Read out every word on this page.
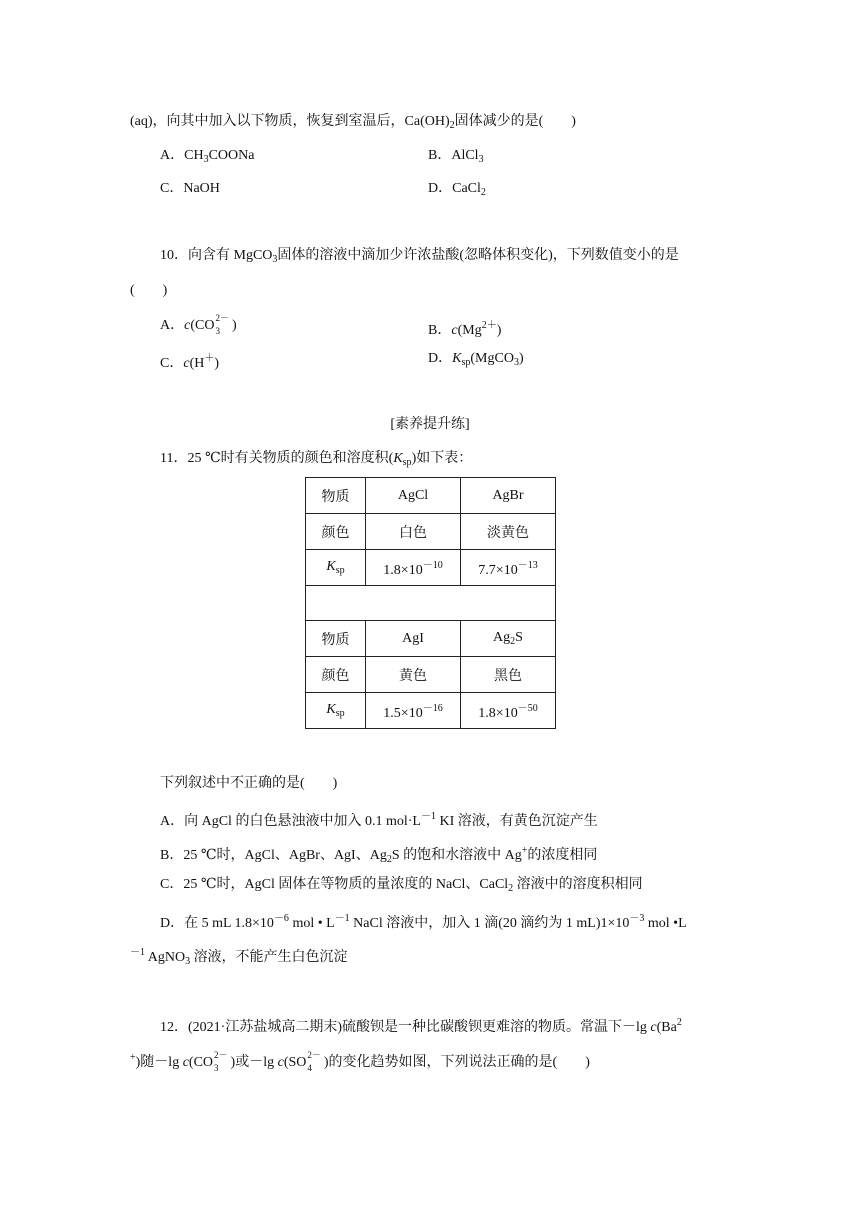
(aq)，向其中加入以下物质，恢复到室温后，$Ca(OH)_2$固体减少的是(　　)
A．$CH_3COONa$	B．AlCl$_3$
C．NaOH	D．CaCl$_2$
10．向含有 MgCO$_3$固体的溶液中滴加少许浓盐酸(忽略体积变化)，下列数值变小的是
(　　)
A．c(CO
2－
3 )	B．$c(Mg^{2+})$
C．c(H＋)	D．$K_{sp}(MgCO_3)$
[素养提升练]
11．25 ℃时有关物质的颜色和溶度积$(K_{sp})$如下表：
物质	AgCl	AgBr
颜色	白色	淡黄色
$K_{sp}$	$1.8\times 10^{-10}$	$7.7\times 10^{-13}$

物质	AgI	$Ag_2S$
颜色	黄色	黑色
$K_{sp}$	$1.5\times 10^{-16}$	$1.8\times 10^{-50}$
下列叙述中不正确的是(　　)
A．向 AgCl 的白色悬浊液中加入 0.1 $mol\cdot L^{-1}$ KI 溶液，有黄色沉淀产生
B．25 ℃时，AgCl、AgBr、AgI、$Ag_2S$ 的饱和水溶液中 Ag+的浓度相同
C．25 ℃时，AgCl 固体在等物质的量浓度的 NaCl、CaCl$_2$ 溶液中的溶度积相同
D．在 5 mL $1.8\times 10^{-6}$ mol • $L^{-1}$ NaCl 溶液中，加入 1 滴(20 滴约为 1 $mL)1\times 10^{-3}$ mol •L
$^{-1}$ AgNO$_3$ 溶液，不能产生白色沉淀
12．(2021·江苏盐城高二期末)硫酸钡是一种比碳酸钡更难溶的物质。常温下－lg c(Ba$^2$
+)随－lg c(CO
2－
3 )或－lg c(SO
2－
4 )的变化趋势如图，下列说法正确的是(　　)
